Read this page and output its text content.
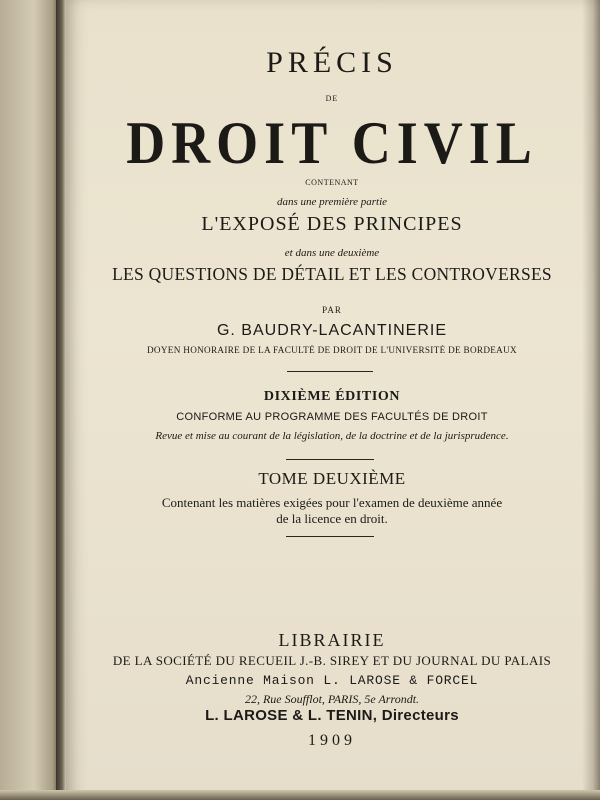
PRÉCIS
DE
DROIT CIVIL
CONTENANT
dans une première partie
L'EXPOSÉ DES PRINCIPES
et dans une deuxième
LES QUESTIONS DE DÉTAIL ET LES CONTROVERSES
PAR
G. BAUDRY-LACANTINERIE
DOYEN HONORAIRE DE LA FACULTÉ DE DROIT DE L'UNIVERSITÉ DE BORDEAUX
DIXIÈME ÉDITION
CONFORME AU PROGRAMME DES FACULTÉS DE DROIT
Revue et mise au courant de la législation, de la doctrine et de la jurisprudence.
TOME DEUXIÈME
Contenant les matières exigées pour l'examen de deuxième année
de la licence en droit.
LIBRAIRIE
DE LA SOCIÉTÉ DU RECUEIL J.-B. SIREY ET DU JOURNAL DU PALAIS
Ancienne Maison L. LAROSE & FORCEL
22, Rue Soufflot, PARIS, 5e Arrondt.
L. LAROSE & L. TENIN, Directeurs
1909
